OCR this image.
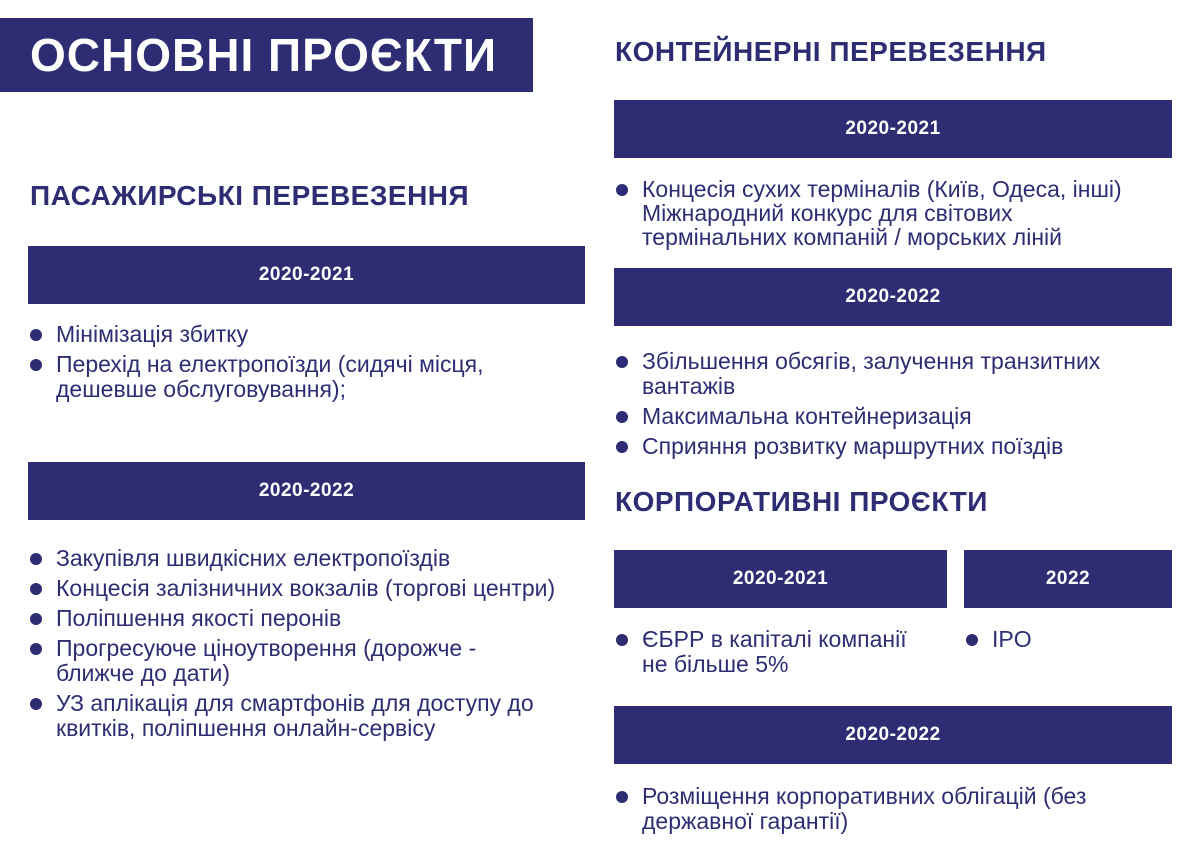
ОСНОВНІ ПРОЄКТИ
ПАСАЖИРСЬКІ ПЕРЕВЕЗЕННЯ
2020-2021
Мінімізація збитку
Перехід на електропоїзди (сидячі місця, дешевше обслуговування);
2020-2022
Закупівля швидкісних електропоїздів
Концесія залізничних вокзалів (торгові центри)
Поліпшення якості перонів
Прогресуюче ціноутворення (дорожче - ближче до дати)
УЗ аплікація для смартфонів для доступу до квитків, поліпшення онлайн-сервісу
КОНТЕЙНЕРНІ ПЕРЕВЕЗЕННЯ
2020-2021
Концесія сухих терміналів (Київ, Одеса, інші) Міжнародний конкурс для світових термінальних компаній / морських ліній
2020-2022
Збільшення обсягів, залучення транзитних вантажів
Максимальна контейнеризація
Сприяння розвитку маршрутних поїздів
КОРПОРАТИВНІ ПРОЄКТИ
2020-2021
ЄБРР в капіталі компанії не більше 5%
2022
IPO
2020-2022
Розміщення корпоративних облігацій (без державної гарантії)
